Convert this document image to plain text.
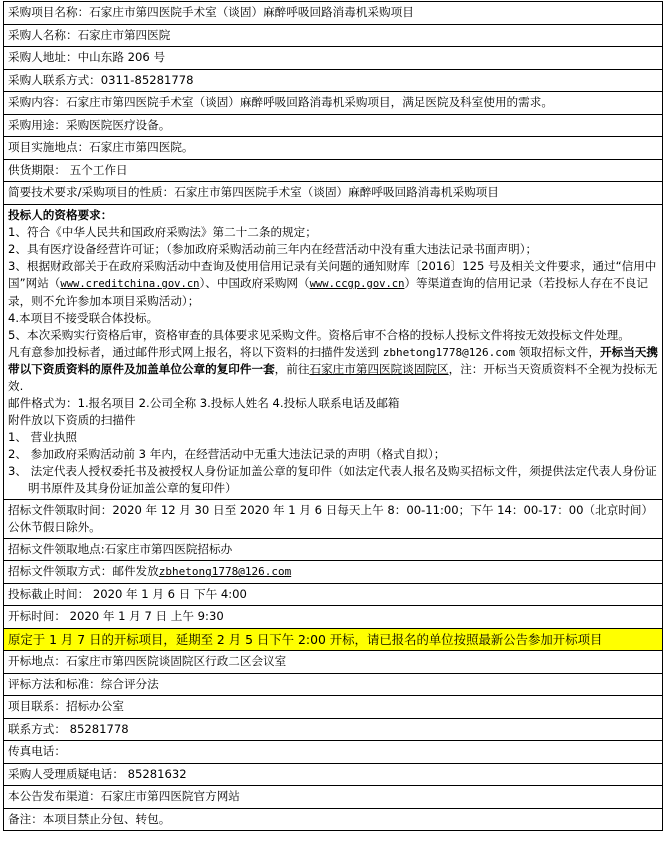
采购项目名称：石家庄市第四医院手术室（谈固）麻醉呼吸回路消毒机采购项目
采购人名称：石家庄市第四医院
采购人地址：中山东路 206 号
采购人联系方式：0311-85281778
采购内容：石家庄市第四医院手术室（谈固）麻醉呼吸回路消毒机采购项目，满足医院及科室使用的需求。
采购用途：采购医院医疗设备。
项目实施地点：石家庄市第四医院。
供货期限： 五个工作日
简要技术要求/采购项目的性质：石家庄市第四医院手术室（谈固）麻醉呼吸回路消毒机采购项目
投标人的资格要求：
1、符合《中华人民共和国政府采购法》第二十二条的规定；
2、具有医疗设备经营许可证；（参加政府采购活动前三年内在经营活动中没有重大违法记录书面声明）；
3、根据财政部关于在政府采购活动中查询及使用信用记录有关问题的通知财库〔2016〕125 号及相关文件要求，通过“信用中国”网站（www.creditchina.gov.cn）、中国政府采购网（www.ccgp.gov.cn）等渠道查询的信用记录（若投标人存在不良记录，则不允许参加本项目采购活动）；
4.本项目不接受联合体投标。
5、本次采购实行资格后审，资格审查的具体要求见采购文件。资格后审不合格的投标人投标文件将按无效投标文件处理。
凡有意参加投标者，通过邮件形式网上报名，将以下资料的扫描件发送到 zbhetong1778@126.com 领取招标文件，开标当天携带以下资质资料的原件及加盖单位公章的复印件一套，前往石家庄市第四医院谈固院区，注：开标当天资质资料不全视为投标无效.
邮件格式为：1.报名项目 2.公司全称 3.投标人姓名 4.投标人联系电话及邮箱
附件放以下资质的扫描件
1、 营业执照
2、 参加政府采购活动前 3 年内，在经营活动中无重大违法记录的声明（格式自拟）；
3、 法定代表人授权委托书及被授权人身份证加盖公章的复印件（如法定代表人报名及购买招标文件，须提供法定代表人身份证明书原件及其身份证加盖公章的复印件）
招标文件领取时间：2020 年 12 月 30 日至 2020 年 1 月 6 日每天上午 8：00-11:00；下午 14：00-17：00（北京时间）公休节假日除外。
招标文件领取地点:石家庄市第四医院招标办
招标文件领取方式：邮件发放 zbhetong1778@126.com
投标截止时间： 2020 年 1 月 6 日 下午 4:00
开标时间： 2020 年 1 月 7 日 上午 9:30
原定于 1 月 7 日的开标项目，延期至 2 月 5 日下午 2:00 开标，请已报名的单位按照最新公告参加开标项目
开标地点：石家庄市第四医院谈固院区行政二区会议室
评标方法和标准：综合评分法
项目联系：招标办公室
联系方式： 85281778
传真电话：
采购人受理质疑电话： 85281632
本公告发布渠道：石家庄市第四医院官方网站
备注：本项目禁止分包、转包。
